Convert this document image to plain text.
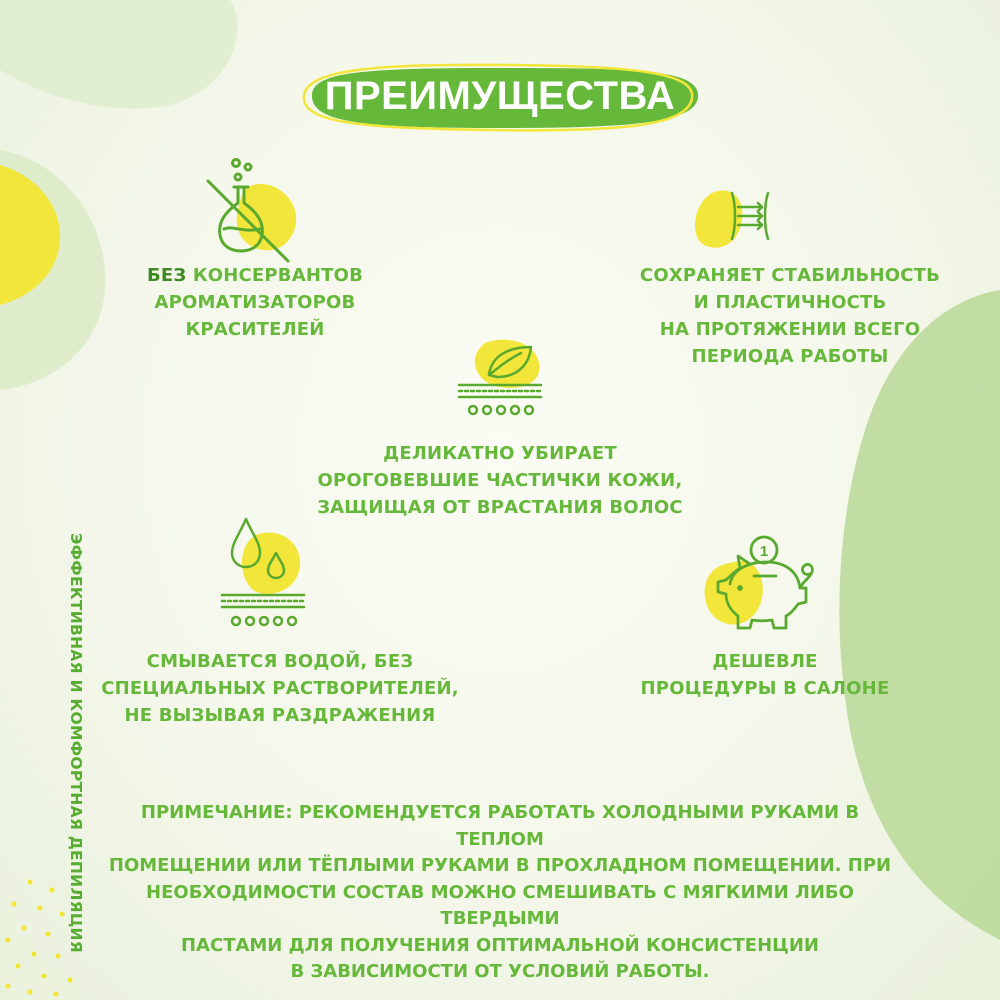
ПРЕИМУЩЕСТВА
БЕЗ КОНСЕРВАНТОВ
АРОМАТИЗАТОРОВ
КРАСИТЕЛЕЙ
СОХРАНЯЕТ СТАБИЛЬНОСТЬ
И ПЛАСТИЧНОСТЬ
НА ПРОТЯЖЕНИИ ВСЕГО
ПЕРИОДА РАБОТЫ
ДЕЛИКАТНО УБИРАЕТ
ОРОГОВЕВШИЕ ЧАСТИЧКИ КОЖИ,
ЗАЩИЩАЯ ОТ ВРАСТАНИЯ ВОЛОС
СМЫВАЕТСЯ ВОДОЙ, БЕЗ
СПЕЦИАЛЬНЫХ РАСТВОРИТЕЛЕЙ,
НЕ ВЫЗЫВАЯ РАЗДРАЖЕНИЯ
1
ДЕШЕВЛЕ
ПРОЦЕДУРЫ В САЛОНЕ
ПРИМЕЧАНИЕ: РЕКОМЕНДУЕТСЯ РАБОТАТЬ ХОЛОДНЫМИ РУКАМИ В ТЕПЛОМ
ПОМЕЩЕНИИ ИЛИ ТЁПЛЫМИ РУКАМИ В ПРОХЛАДНОМ ПОМЕЩЕНИИ. ПРИ
НЕОБХОДИМОСТИ СОСТАВ МОЖНО СМЕШИВАТЬ С МЯГКИМИ ЛИБО ТВЕРДЫМИ
ПАСТАМИ ДЛЯ ПОЛУЧЕНИЯ ОПТИМАЛЬНОЙ КОНСИСТЕНЦИИ
В ЗАВИСИМОСТИ ОТ УСЛОВИЙ РАБОТЫ.
ЭФФЕКТИВНАЯ И КОМФОРТНАЯ ДЕПИЛЯЦИЯ
